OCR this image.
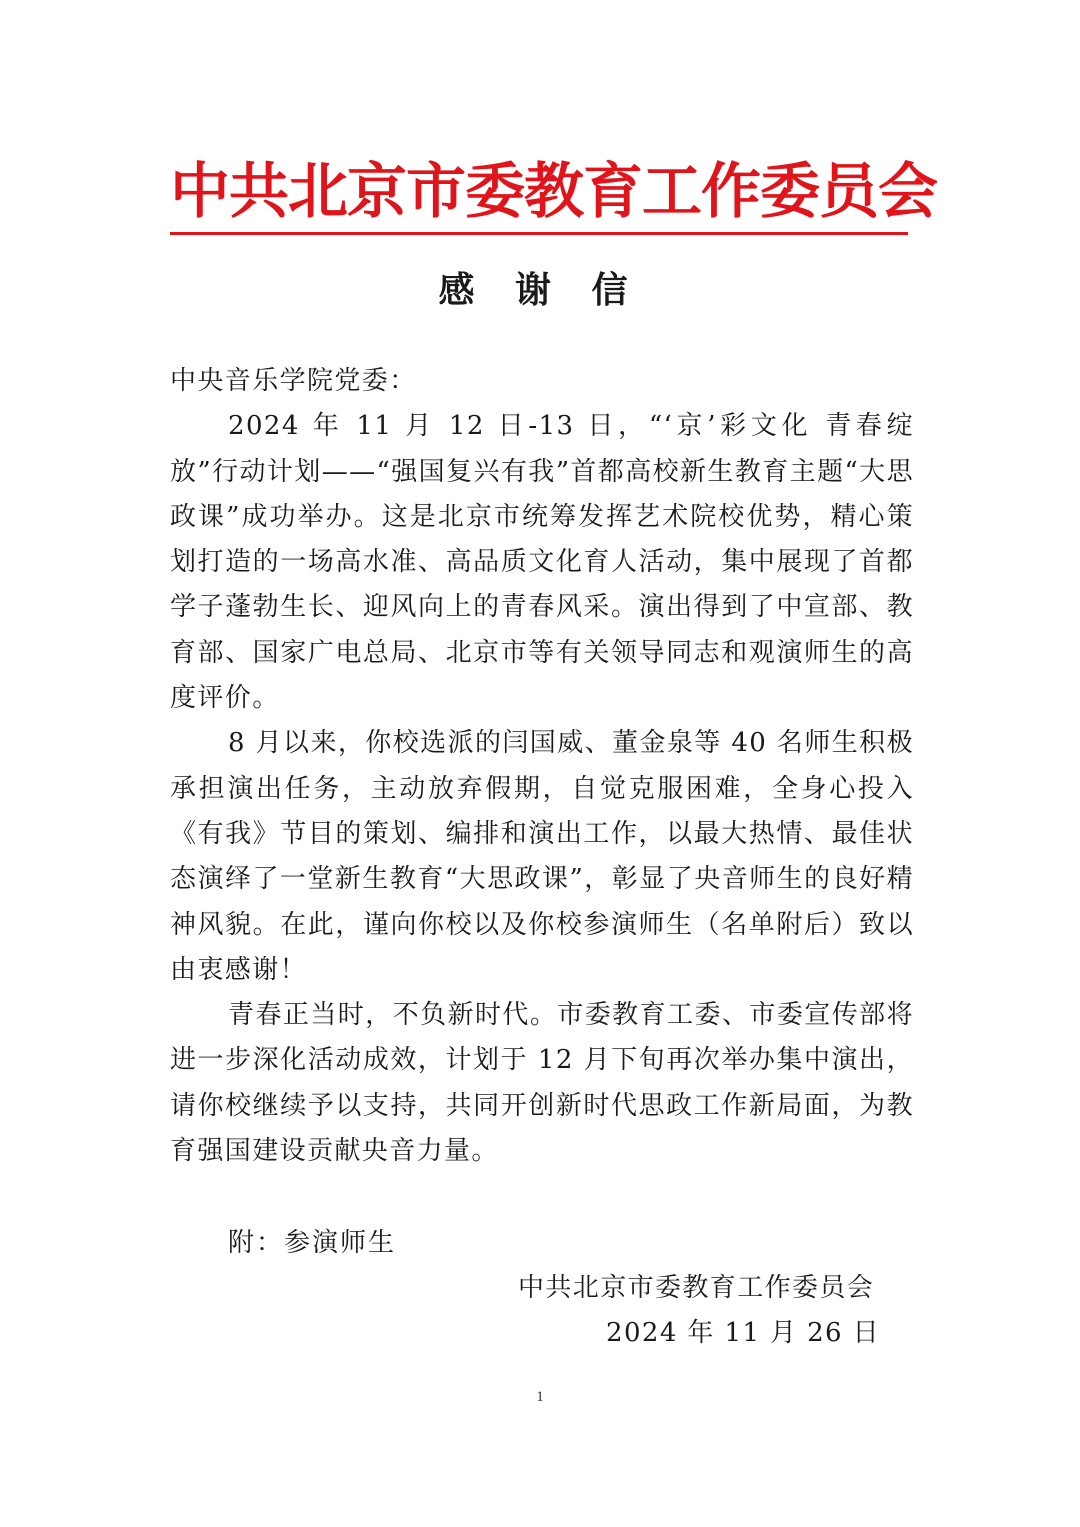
中共北京市委教育工作委员会
感 谢 信

中央音乐学院党委：

2024 年 11 月 12 日-13 日，“‘京’彩文化 青春绽放”行动计划——“强国复兴有我”首都高校新生教育主题“大思政课”成功举办。这是北京市统筹发挥艺术院校优势，精心策划打造的一场高水准、高品质文化育人活动，集中展现了首都学子蓬勃生长、迎风向上的青春风采。演出得到了中宣部、教育部、国家广电总局、北京市等有关领导同志和观演师生的高度评价。

8 月以来，你校选派的闫国威、董金泉等 40 名师生积极承担演出任务，主动放弃假期，自觉克服困难，全身心投入《有我》节目的策划、编排和演出工作，以最大热情、最佳状态演绎了一堂新生教育“大思政课”，彰显了央音师生的良好精神风貌。在此，谨向你校以及你校参演师生（名单附后）致以由衷感谢！

青春正当时，不负新时代。市委教育工委、市委宣传部将进一步深化活动成效，计划于 12 月下旬再次举办集中演出，请你校继续予以支持，共同开创新时代思政工作新局面，为教育强国建设贡献央音力量。

附：参演师生
中共北京市委教育工作委员会
2024 年 11 月 26 日
1
